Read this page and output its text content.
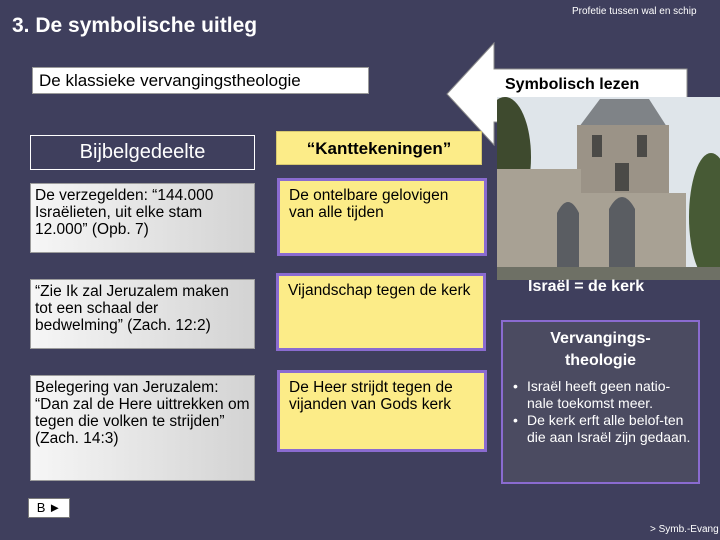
3. De symbolische uitleg
Profetie tussen wal en schip
De klassieke vervangingstheologie	Symbolisch lezen
Bijbelgedeelte	“Kanttekeningen”
De verzegelden: “144.000 Israëlieten, uit elke stam 12.000” (Opb. 7)
“Zie Ik zal Jeruzalem maken tot een schaal der bedwelming” (Zach. 12:2)
Belegering van Jeruzalem: “Dan zal de Here uittrekken om tegen die volken te strijden” (Zach. 14:3)
De ontelbare gelovigen van alle tijden
Vijandschap tegen de kerk
De Heer strijdt tegen de vijanden van Gods kerk
Israël = de kerk
Vervangings-
theologie
• Israël heeft geen natio-nale toekomst meer.
• De kerk erft alle belof-ten die aan Israël zijn gedaan.
B ►
> Symb.-Evang
